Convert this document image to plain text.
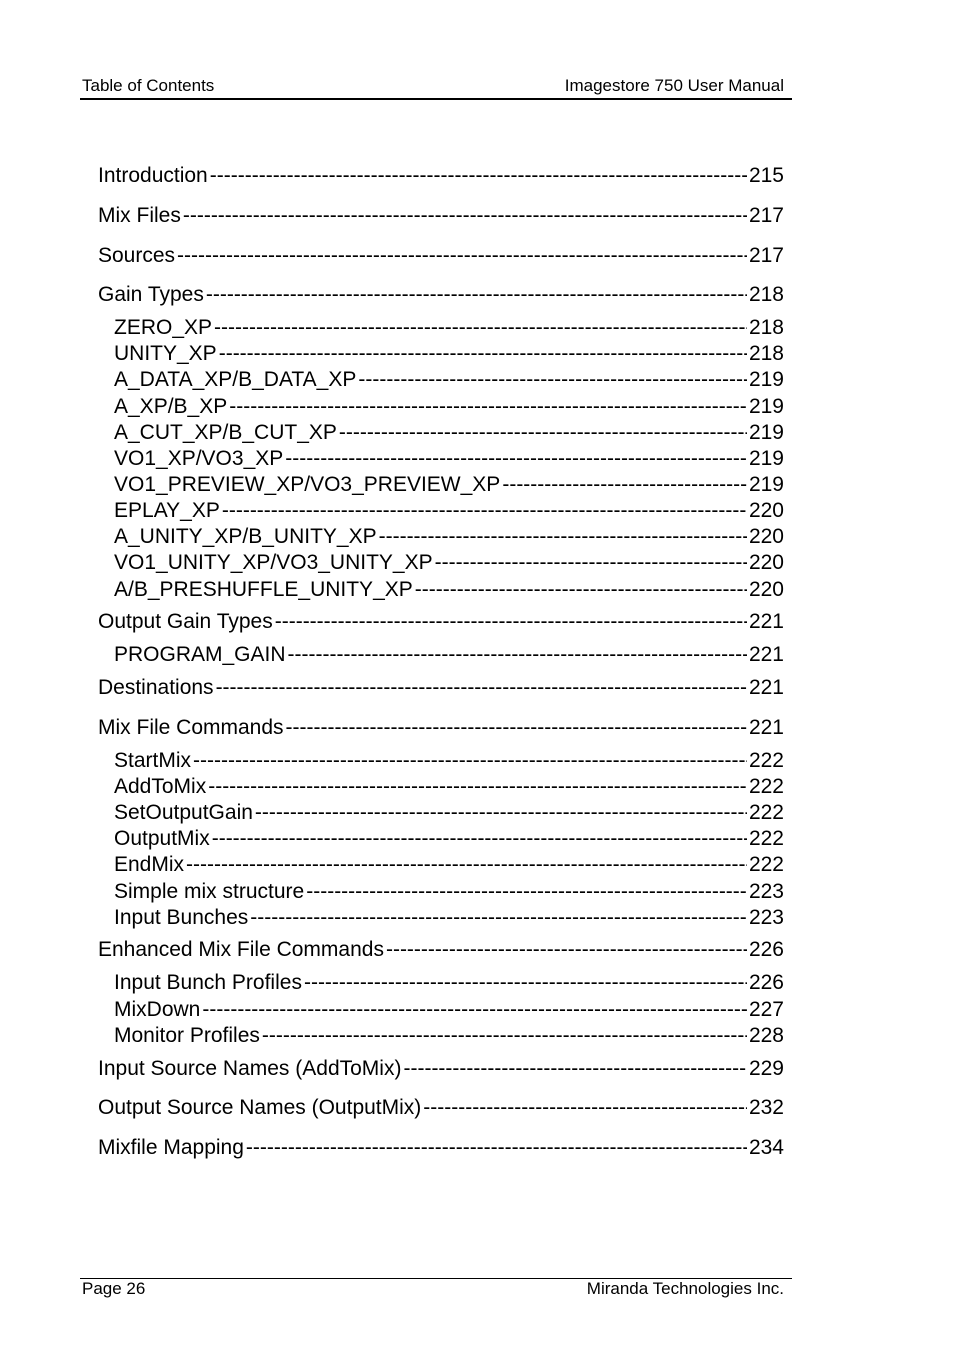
Table of Contents	Imagestore 750 User Manual
Introduction -----	215
Mix Files -----	217
Sources -----	217
Gain Types -----	218
ZERO_XP -----	218
UNITY_XP -----	218
A_DATA_XP/B_DATA_XP -----	219
A_XP/B_XP -----	219
A_CUT_XP/B_CUT_XP -----	219
VO1_XP/VO3_XP -----	219
VO1_PREVIEW_XP/VO3_PREVIEW_XP -----	219
EPLAY_XP -----	220
A_UNITY_XP/B_UNITY_XP -----	220
VO1_UNITY_XP/VO3_UNITY_XP -----	220
A/B_PRESHUFFLE_UNITY_XP -----	220
Output Gain Types -----	221
PROGRAM_GAIN -----	221
Destinations -----	221
Mix File Commands -----	221
StartMix -----	222
AddToMix -----	222
SetOutputGain -----	222
OutputMix -----	222
EndMix -----	222
Simple mix structure -----	223
Input Bunches -----	223
Enhanced Mix File Commands -----	226
Input Bunch Profiles -----	226
MixDown -----	227
Monitor Profiles -----	228
Input Source Names (AddToMix) -----	229
Output Source Names (OutputMix) -----	232
Mixfile Mapping -----	234
Page 26	Miranda Technologies Inc.
